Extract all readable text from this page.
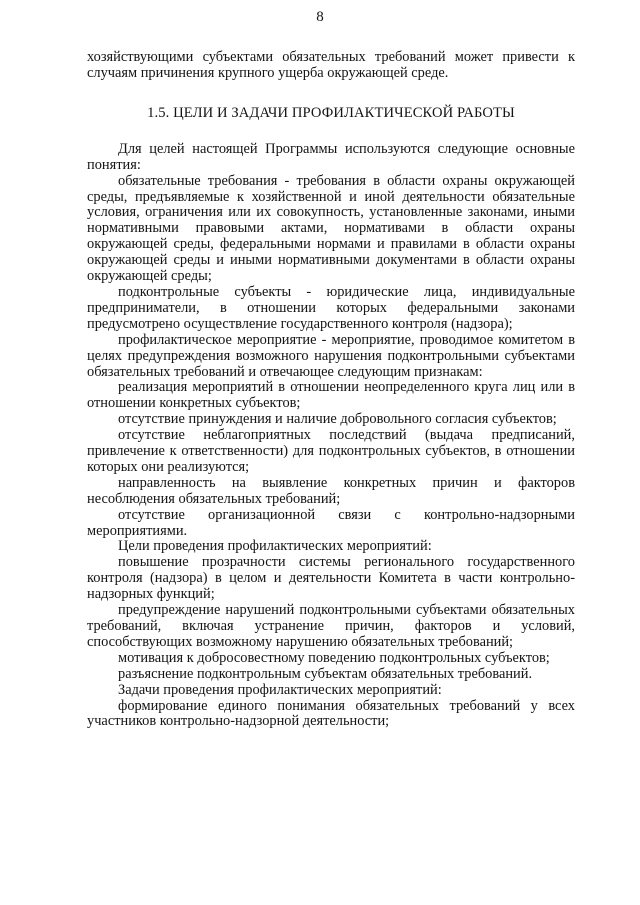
8

хозяйствующими субъектами обязательных требований может привести к случаям причинения крупного ущерба окружающей среде.

1.5. ЦЕЛИ И ЗАДАЧИ ПРОФИЛАКТИЧЕСКОЙ РАБОТЫ

Для целей настоящей Программы используются следующие основные понятия:

обязательные требования - требования в области охраны окружающей среды, предъявляемые к хозяйственной и иной деятельности обязательные условия, ограничения или их совокупность, установленные законами, иными нормативными правовыми актами, нормативами в области охраны окружающей среды, федеральными нормами и правилами в области охраны окружающей среды и иными нормативными документами в области охраны окружающей среды;

подконтрольные субъекты - юридические лица, индивидуальные предприниматели, в отношении которых федеральными законами предусмотрено осуществление государственного контроля (надзора);

профилактическое мероприятие - мероприятие, проводимое комитетом в целях предупреждения возможного нарушения подконтрольными субъектами обязательных требований и отвечающее следующим признакам:

реализация мероприятий в отношении неопределенного круга лиц или в отношении конкретных субъектов;

отсутствие принуждения и наличие добровольного согласия субъектов;

отсутствие неблагоприятных последствий (выдача предписаний, привлечение к ответственности) для подконтрольных субъектов, в отношении которых они реализуются;

направленность на выявление конкретных причин и факторов несоблюдения обязательных требований;

отсутствие организационной связи с контрольно-надзорными мероприятиями.

Цели проведения профилактических мероприятий:

повышение прозрачности системы регионального государственного контроля (надзора) в целом и деятельности Комитета в части контрольно-надзорных функций;

предупреждение нарушений подконтрольными субъектами обязательных требований, включая устранение причин, факторов и условий, способствующих возможному нарушению обязательных требований;

мотивация к добросовестному поведению подконтрольных субъектов;

разъяснение подконтрольным субъектам обязательных требований.

Задачи проведения профилактических мероприятий:

формирование единого понимания обязательных требований у всех участников контрольно-надзорной деятельности;
